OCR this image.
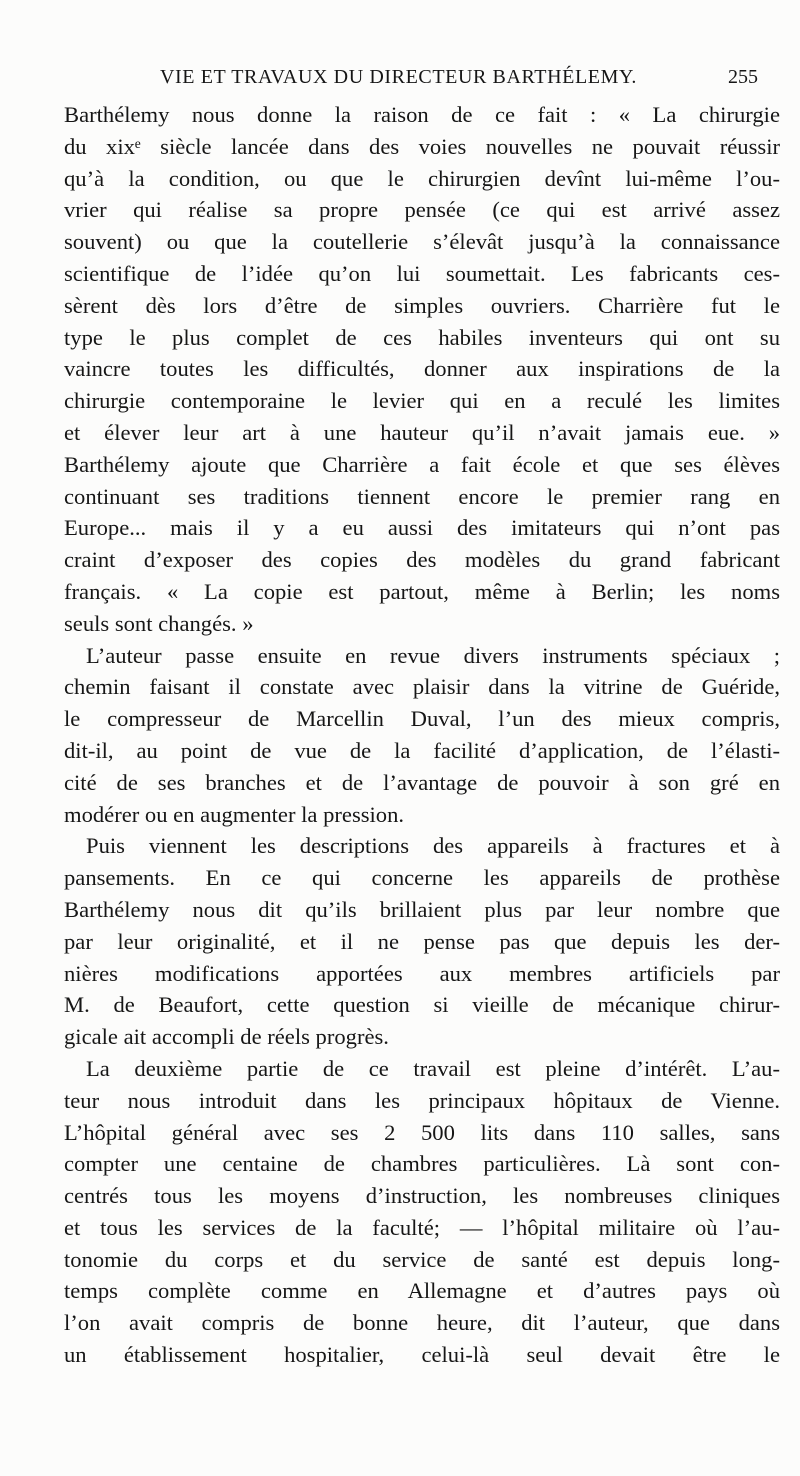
VIE ET TRAVAUX DU DIRECTEUR BARTHÉLEMY.	255
Barthélemy nous donne la raison de ce fait : « La chirurgie
du xixᵉ siècle lancée dans des voies nouvelles ne pouvait réussir
qu’à la condition, ou que le chirurgien devînt lui-même l’ou-
vrier qui réalise sa propre pensée (ce qui est arrivé assez
souvent) ou que la coutellerie s’élevât jusqu’à la connaissance
scientifique de l’idée qu’on lui soumettait. Les fabricants ces-
sèrent dès lors d’être de simples ouvriers. Charrière fut le
type le plus complet de ces habiles inventeurs qui ont su
vaincre toutes les difficultés, donner aux inspirations de la
chirurgie contemporaine le levier qui en a reculé les limites
et élever leur art à une hauteur qu’il n’avait jamais eue. »
Barthélemy ajoute que Charrière a fait école et que ses élèves
continuant ses traditions tiennent encore le premier rang en
Europe... mais il y a eu aussi des imitateurs qui n’ont pas
craint d’exposer des copies des modèles du grand fabricant
français. « La copie est partout, même à Berlin; les noms
seuls sont changés. »
L’auteur passe ensuite en revue divers instruments spéciaux ;
chemin faisant il constate avec plaisir dans la vitrine de Guéride,
le compresseur de Marcellin Duval, l’un des mieux compris,
dit-il, au point de vue de la facilité d’application, de l’élasti-
cité de ses branches et de l’avantage de pouvoir à son gré en
modérer ou en augmenter la pression.
Puis viennent les descriptions des appareils à fractures et à
pansements. En ce qui concerne les appareils de prothèse
Barthélemy nous dit qu’ils brillaient plus par leur nombre que
par leur originalité, et il ne pense pas que depuis les der-
nières modifications apportées aux membres artificiels par
M. de Beaufort, cette question si vieille de mécanique chirur-
gicale ait accompli de réels progrès.
La deuxième partie de ce travail est pleine d’intérêt. L’au-
teur nous introduit dans les principaux hôpitaux de Vienne.
L’hôpital général avec ses 2 500 lits dans 110 salles, sans
compter une centaine de chambres particulières. Là sont con-
centrés tous les moyens d’instruction, les nombreuses cliniques
et tous les services de la faculté; — l’hôpital militaire où l’au-
tonomie du corps et du service de santé est depuis long-
temps complète comme en Allemagne et d’autres pays où
l’on avait compris de bonne heure, dit l’auteur, que dans
un établissement hospitalier, celui-là seul devait être le
